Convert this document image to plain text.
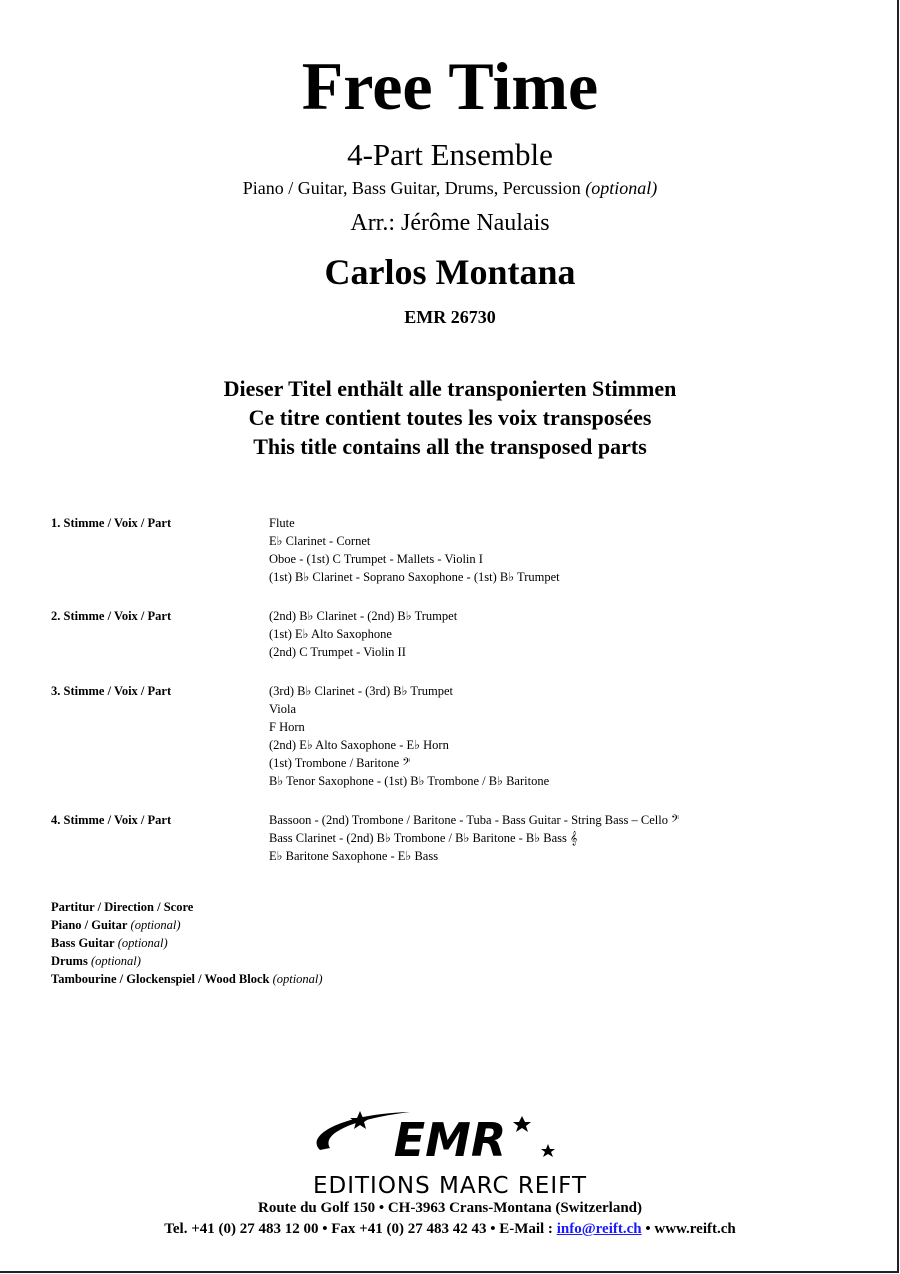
Free Time
4-Part Ensemble
Piano / Guitar, Bass Guitar, Drums, Percussion (optional)
Arr.: Jérôme Naulais
Carlos Montana
EMR 26730
Dieser Titel enthält alle transponierten Stimmen
Ce titre contient toutes les voix transposées
This title contains all the transposed parts
1. Stimme / Voix / Part	Flute
E♭ Clarinet - Cornet
Oboe - (1st) C Trumpet - Mallets - Violin I
(1st) B♭ Clarinet - Soprano Saxophone - (1st) B♭ Trumpet
2. Stimme / Voix / Part	(2nd) B♭ Clarinet - (2nd) B♭ Trumpet
(1st) E♭ Alto Saxophone
(2nd) C Trumpet - Violin II
3. Stimme / Voix / Part	(3rd) B♭ Clarinet - (3rd) B♭ Trumpet
Viola
F Horn
(2nd) E♭ Alto Saxophone - E♭ Horn
(1st) Trombone / Baritone 𝄢
B♭ Tenor Saxophone - (1st) B♭ Trombone / B♭ Baritone
4. Stimme / Voix / Part	Bassoon - (2nd) Trombone / Baritone - Tuba - Bass Guitar - String Bass – Cello 𝄢
Bass Clarinet - (2nd) B♭ Trombone / B♭ Baritone - B♭ Bass 𝄞
E♭ Baritone Saxophone - E♭ Bass
Partitur / Direction / Score
Piano / Guitar (optional)
Bass Guitar (optional)
Drums (optional)
Tambourine / Glockenspiel / Wood Block (optional)
EMR
EDITIONS MARC REIFT
Route du Golf 150 • CH-3963 Crans-Montana (Switzerland)
Tel. +41 (0) 27 483 12 00 • Fax +41 (0) 27 483 42 43 • E-Mail : info@reift.ch • www.reift.ch
